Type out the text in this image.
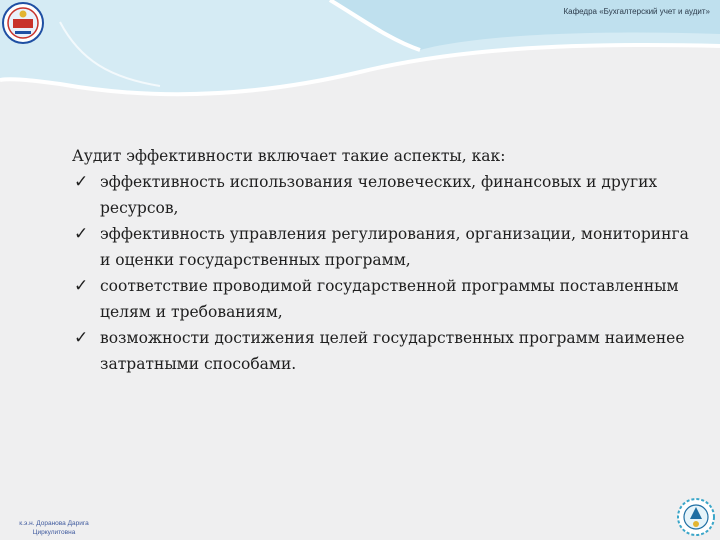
Кафедра «Бухгалтерский учет и аудит»

Аудит эффективности включает такие аспекты, как:

✓ эффективность использования человеческих, финансовых и других ресурсов,
✓ эффективность управления регулирования, организации, мониторинга и оценки государственных программ,
✓ соответствие проводимой государственной программы поставленным целям и требованиям,
✓ возможности достижения целей государственных программ наименее затратными способами.
к.э.н. Доранова Дарига
Циркулитовна
